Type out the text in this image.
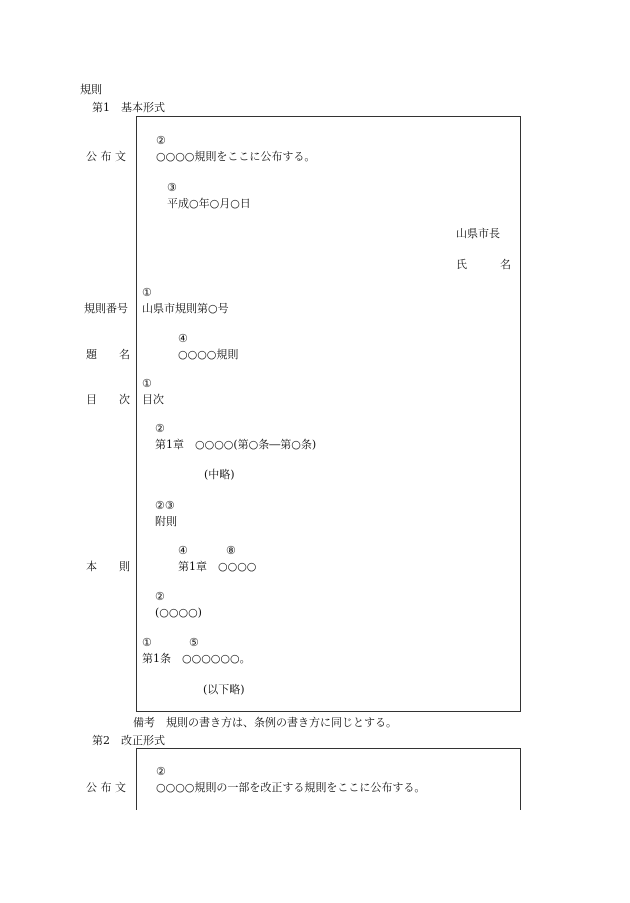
規則
第1　基本形式
公 布 文
規則番号
題　　名
目　　次
本　　則
②
○○○○規則をここに公布する。
③
平成○年○月○日
山県市長
氏　　　名
①
山県市規則第○号
④
○○○○規則
①
目次
②
第1章　○○○○(第○条―第○条)
(中略)
②③
附則
④	⑧
第1章　○○○○
②
(○○○○)
①	⑤
第1条　○○○○○○。
(以下略)
備考　規則の書き方は、条例の書き方に同じとする。
第2　改正形式
公 布 文
②
○○○○規則の一部を改正する規則をここに公布する。
